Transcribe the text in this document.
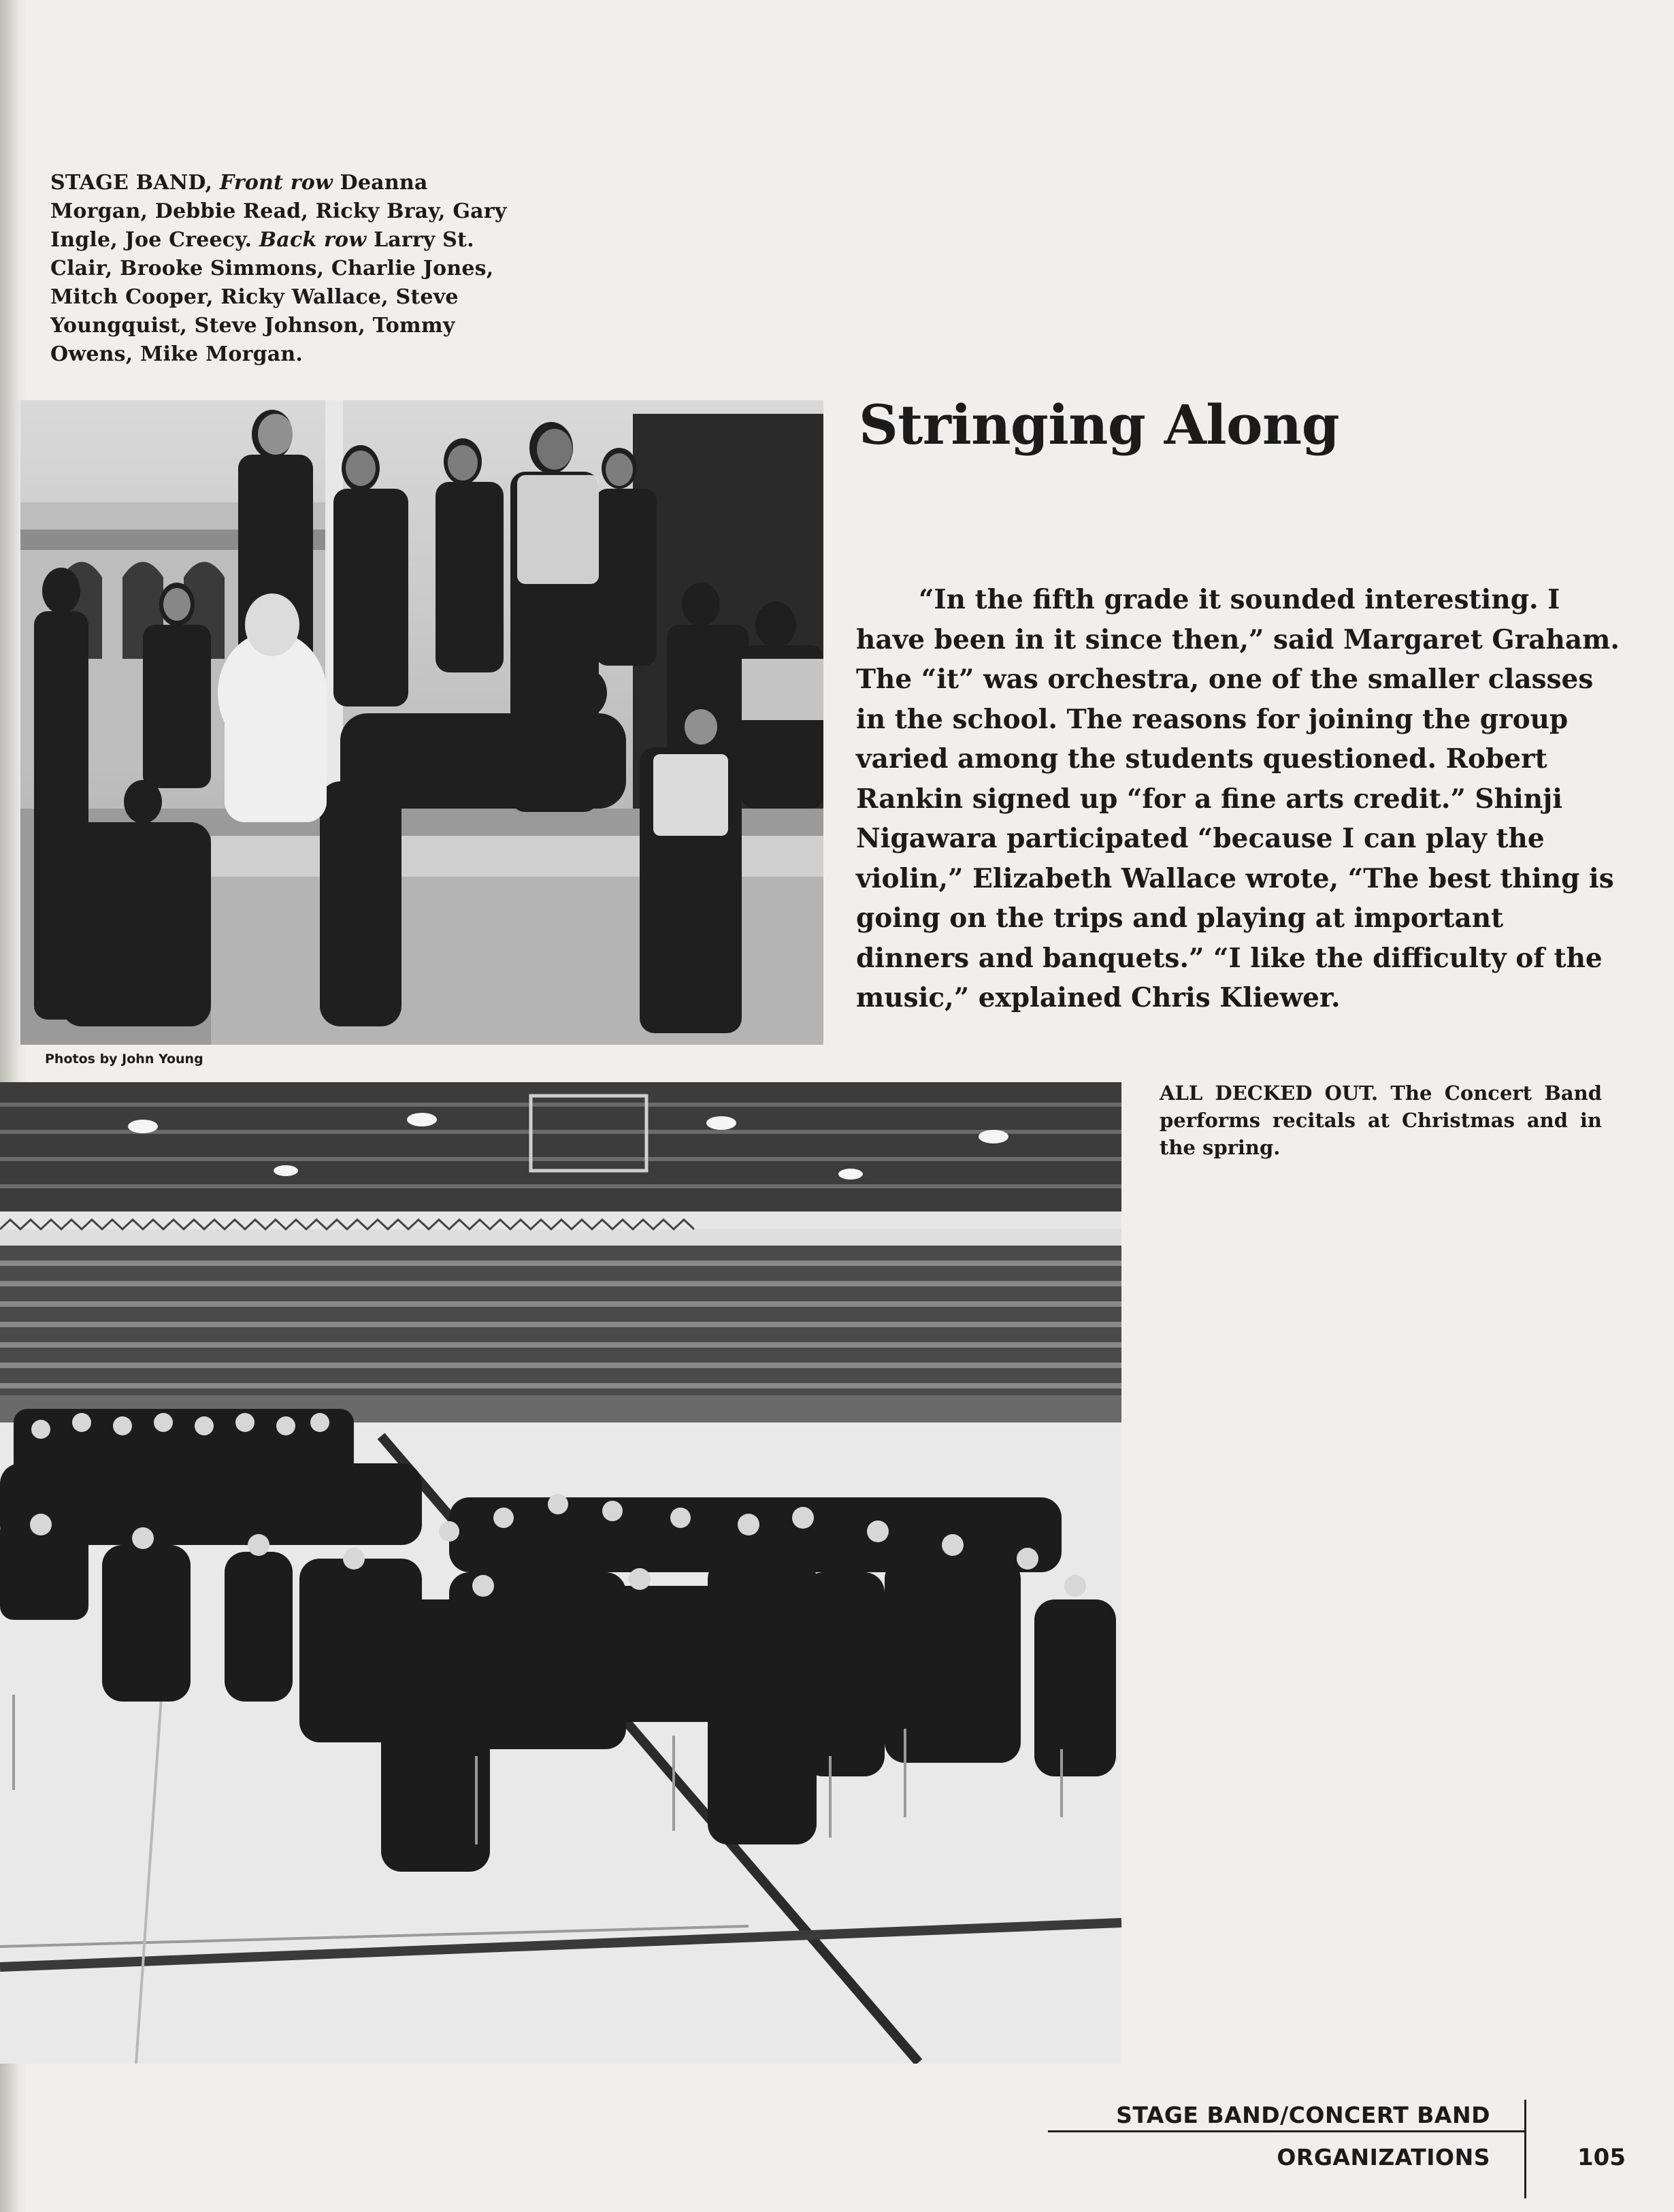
STAGE BAND, Front row Deanna Morgan, Debbie Read, Ricky Bray, Gary Ingle, Joe Creecy. Back row Larry St. Clair, Brooke Simmons, Charlie Jones, Mitch Cooper, Ricky Wallace, Steve Youngquist, Steve Johnson, Tommy Owens, Mike Morgan.
Photos by John Young
Stringing Along

“In the fifth grade it sounded interesting. I have been in it since then,” said Margaret Graham. The “it” was orchestra, one of the smaller classes in the school. The reasons for joining the group varied among the students questioned. Robert Rankin signed up “for a fine arts credit.” Shinji Nigawara participated “because I can play the violin,” Elizabeth Wallace wrote, “The best thing is going on the trips and playing at important dinners and banquets.” “I like the difficulty of the music,” explained Chris Kliewer.

ALL DECKED OUT. The Concert Band performs recitals at Christmas and in the spring.

STAGE BAND/CONCERT BAND
ORGANIZATIONS	105
